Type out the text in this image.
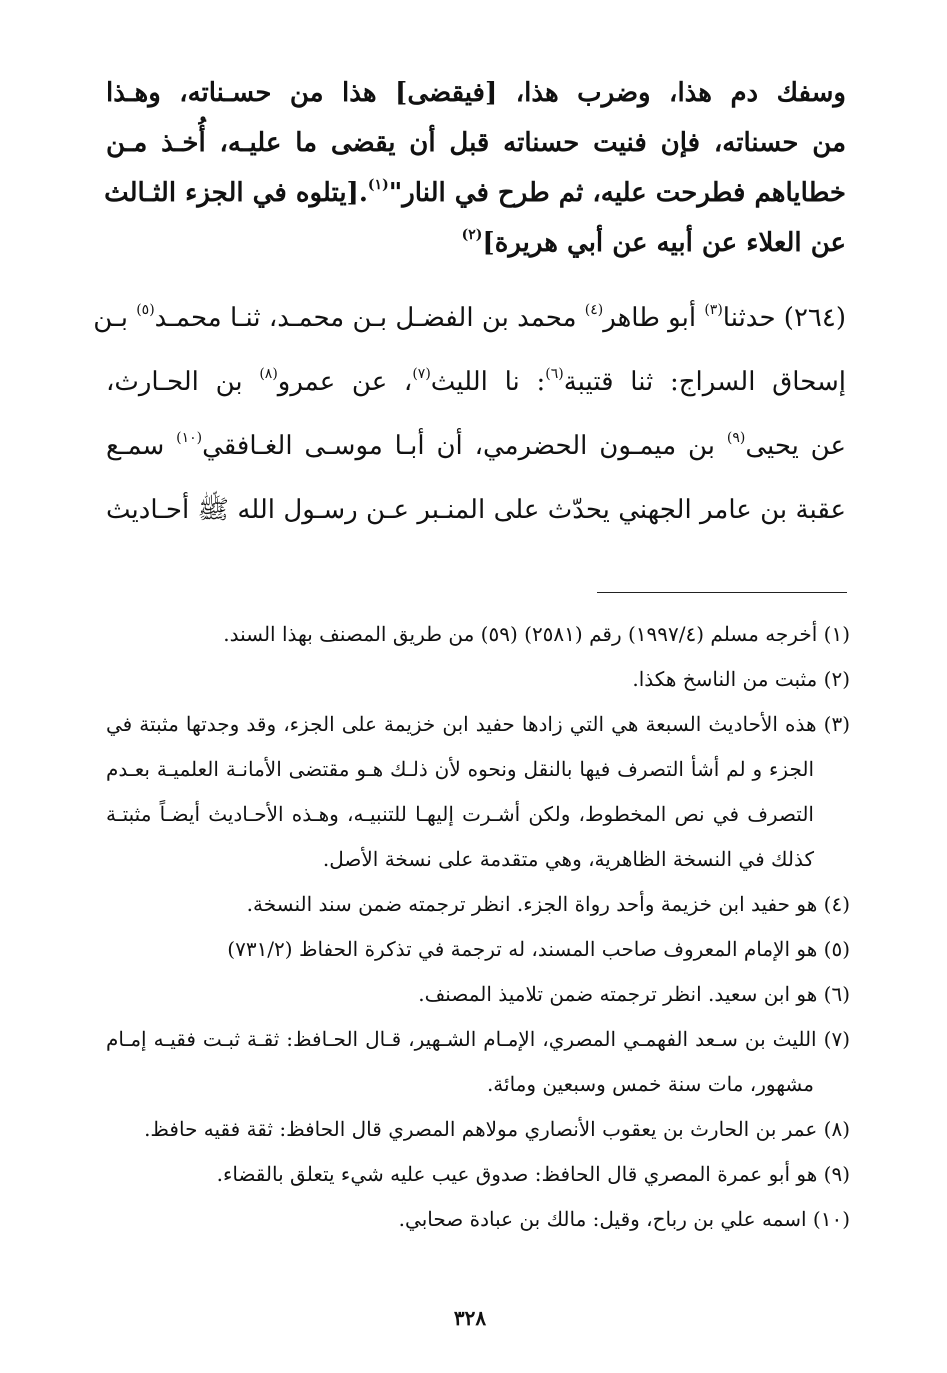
وسفك دم هذا، وضرب هذا، [فيقضى] هذا من حسـناته، وهـذا
من حسناته، فإن فنيت حسناته قبل أن يقضى ما عليـه، أُخـذ مـن
خطاياهم فطرحت عليه، ثم طرح في النار"$^{(١)}$.[يتلوه في الجزء الثـالث
عن العلاء عن أبيه عن أبي هريرة]$^{(٢)}$
(٢٦٤) حدثنا$^{(٣)}$ أبو طاهر$^{(٤)}$ محمد بن الفضـل بـن محمـد، ثنـا محمـد$^{(٥)}$ بـن
إسحاق السراج: ثنا قتيبة$^{(٦)}$: نا الليث$^{(٧)}$، عن عمرو$^{(٨)}$ بن الحـارث،
عن يحيى$^{(٩)}$ بن ميمـون الحضرمي، أن أبـا موسـى الغـافقي$^{(١٠)}$ سمـع
عقبة بن عامر الجهني يحدّث على المنـبر عـن رسـول الله ﷺ أحـاديث
(١) أخرجه مسلم (١٩٩٧/٤) رقم (٢٥٨١) (٥٩) من طريق المصنف بهذا السند.
(٢) مثبت من الناسخ هكذا.
(٣) هذه الأحاديث السبعة هي التي زادها حفيد ابن خزيمة على الجزء، وقد وجدتها مثبتة في
الجزء و لم أشأ التصرف فيها بالنقل ونحوه لأن ذلـك هـو مقتضى الأمانـة العلميـة بعـدم
التصرف في نص المخطوط، ولكن أشـرت إليهـا للتنبيـه، وهـذه الأحـاديث أيضـاً مثبتـة
كذلك في النسخة الظاهرية، وهي متقدمة على نسخة الأصل.
(٤) هو حفيد ابن خزيمة وأحد رواة الجزء. انظر ترجمته ضمن سند النسخة.
(٥) هو الإمام المعروف صاحب المسند، له ترجمة في تذكرة الحفاظ (٧٣١/٢)
(٦) هو ابن سعيد. انظر ترجمته ضمن تلاميذ المصنف.
(٧) الليث بن سـعد الفهمـي المصري، الإمـام الشـهير، قـال الحـافظ: ثقـة ثبـت فقيـه إمـام
مشهور، مات سنة خمس وسبعين ومائة.
(٨) عمر بن الحارث بن يعقوب الأنصاري مولاهم المصري قال الحافظ: ثقة فقيه حافظ.
(٩) هو أبو عمرة المصري قال الحافظ: صدوق عيب عليه شيء يتعلق بالقضاء.
(١٠) اسمه علي بن رباح، وقيل: مالك بن عبادة صحابي.
٣٢٨
